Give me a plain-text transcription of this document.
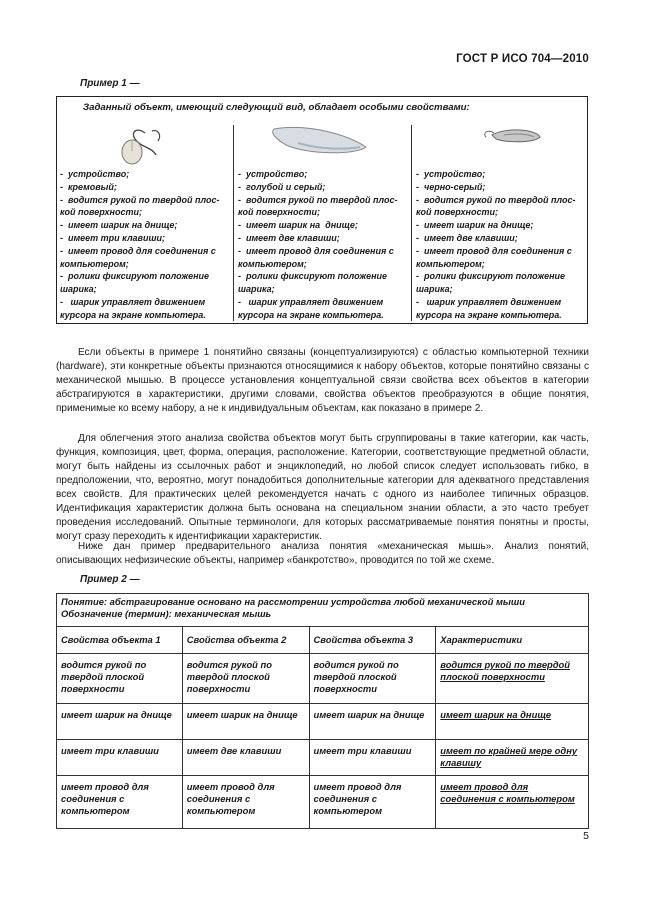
ГОСТ Р ИСО 704—2010
Пример 1 —
Заданный объект, имеющий следующий вид, обладает особыми свойствами:
-  устройство;
-  кремовый;
-  водится рукой по твердой плос-
кой поверхности;
-  имеет шарик на днище;
-  имеет три клавиши;
-  имеет провод для соединения с
компьютером;
-  ролики фиксируют положение
шарика;
-   шарик управляет движением
курсора на экране компьютера.
-  устройство;
-  голубой и серый;
-  водится рукой по твердой плос-
кой поверхности;
-  имеет шарик на  днище;
-  имеет две клавиши;
-  имеет провод для соединения с
компьютером;
-  ролики фиксируют положение
шарика;
-   шарик управляет движением
курсора на экране компьютера.
-  устройство;
-  черно-серый;
-  водится рукой по твердой плос-
кой поверхности;
-  имеет шарик на днище;
-  имеет две клавиши;
-  имеет провод для соединения с
компьютером;
-  ролики фиксируют положение
шарика;
-   шарик управляет движением
курсора на экране компьютера.
Если объекты в примере 1 понятийно связаны (концептуализируются) с областью компьютерной техники (hardware), эти конкретные объекты признаются относящимися к набору объектов, которые понятийно связаны с механической мышью. В процессе установления концептуальной связи свойства всех объектов в категории абстрагируются в характеристики, другими словами, свойства объектов преобразуются в общие понятия, применимые ко всему набору, а не к индивидуальным объектам, как показано в примере 2.
Для облегчения этого анализа свойства объектов могут быть сгруппированы в такие категории, как часть, функция, композиция, цвет, форма, операция, расположение. Категории, соответствующие предметной области, могут быть найдены из ссылочных работ и энциклопедий, но любой список следует использовать гибко, в предположении, что, вероятно, могут понадобиться дополнительные категории для адекватного представления всех свойств. Для практических целей рекомендуется начать с одного из наиболее типичных образцов. Идентификация характеристик должна быть основана на специальном знании области, а это часто требует проведения исследований. Опытные терминологи, для которых рассматриваемые понятия понятны и просты, могут сразу переходить к идентификации характеристик.
Ниже дан пример предварительного анализа понятия «механическая мышь». Анализ понятий, описывающих нефизические объекты, например «банкротство», проводится по той же схеме.
Пример 2 —
Понятие: абстрагирование основано на рассмотрении устройства любой механической мыши
Обозначение (термин): механическая мышь			

Свойства объекта 1	Свойства объекта 2	Свойства объекта 3	Характеристики
водится рукой по твердой плоской поверхности	водится рукой по твердой плоской поверхности	водится рукой по твердой плоской поверхности	водится рукой по твердой плоской поверхности
имеет шарик на днище	имеет шарик на днище	имеет шарик на днище	имеет шарик на днище
имеет три клавиши	имеет две клавиши	имеет три клавиши	имеет по крайней мере одну клавишу
имеет провод для соединения с компьютером	имеет провод для соединения с компьютером	имеет провод для соединения с компьютером	имеет провод для соединения с компьютером
5
